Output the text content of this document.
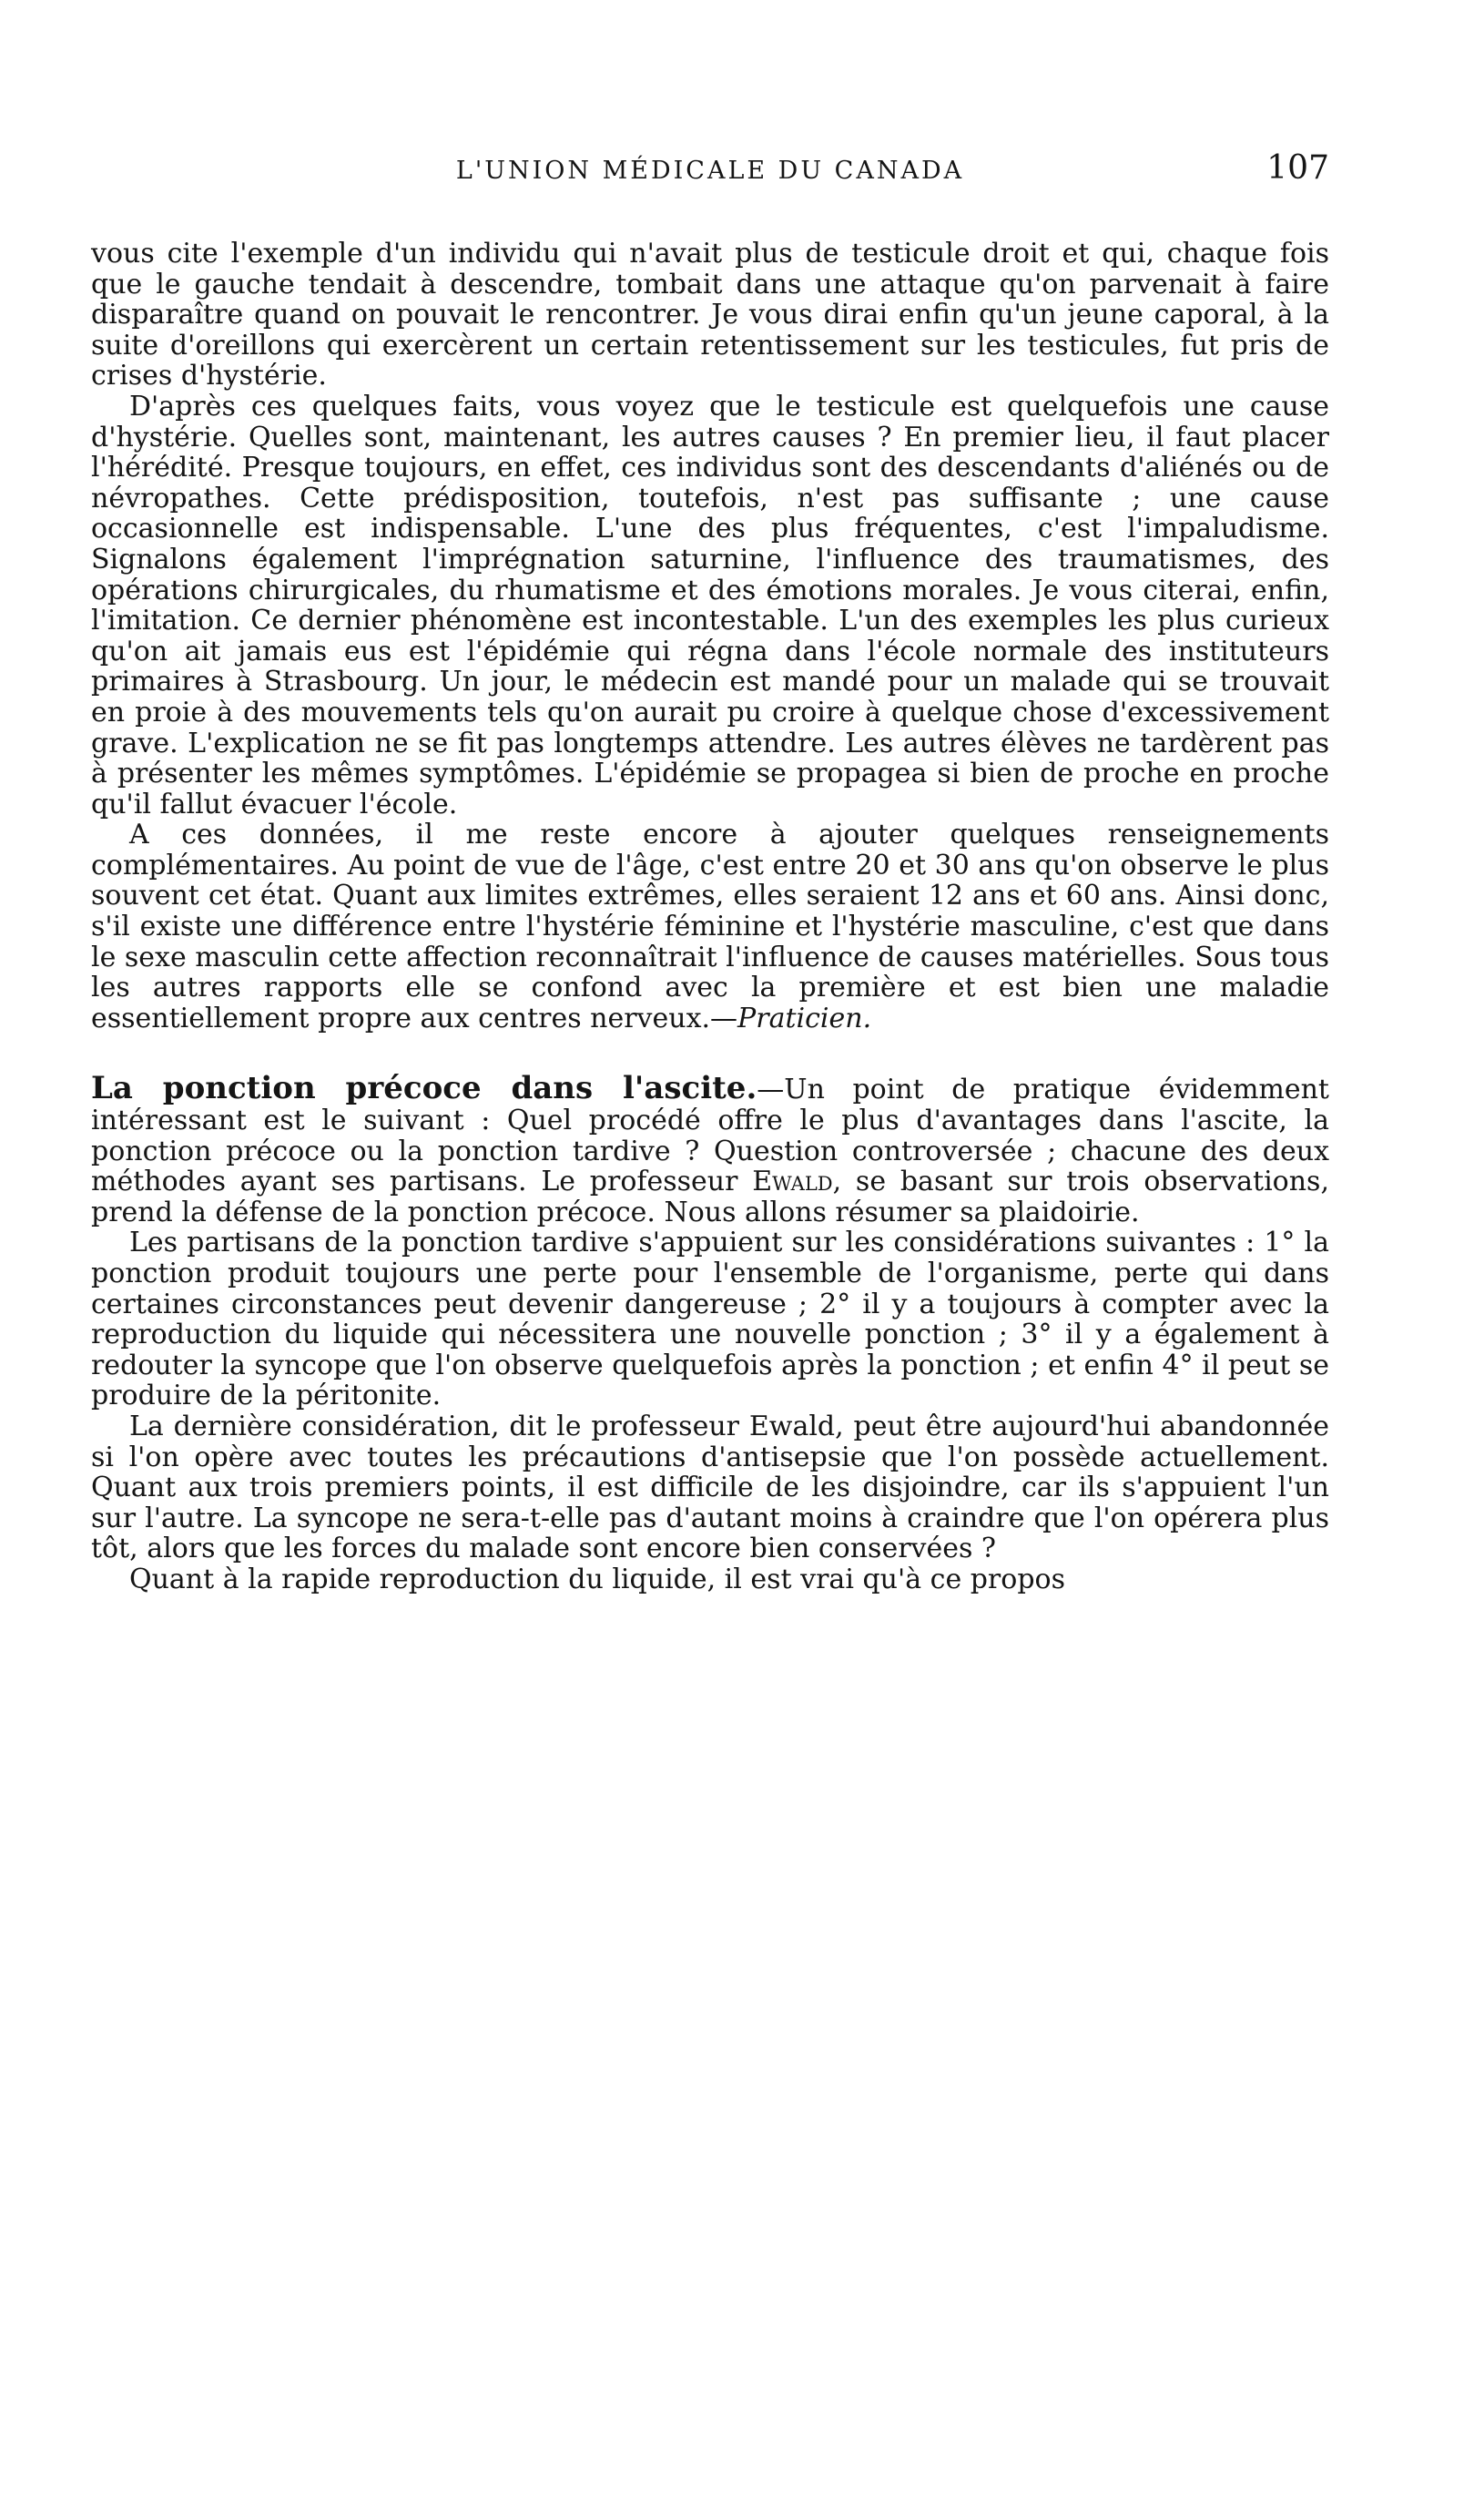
L'UNION MÉDICALE DU CANADA	107

vous cite l'exemple d'un individu qui n'avait plus de testicule droit et qui, chaque fois que le gauche tendait à descendre, tombait dans une attaque qu'on parvenait à faire disparaître quand on pouvait le rencontrer. Je vous dirai enfin qu'un jeune caporal, à la suite d'oreillons qui exercèrent un certain retentissement sur les testicules, fut pris de crises d'hystérie.

D'après ces quelques faits, vous voyez que le testicule est quelquefois une cause d'hystérie. Quelles sont, maintenant, les autres causes ? En premier lieu, il faut placer l'hérédité. Presque toujours, en effet, ces individus sont des descendants d'aliénés ou de névropathes. Cette prédisposition, toutefois, n'est pas suffisante ; une cause occasionnelle est indispensable. L'une des plus fréquentes, c'est l'impaludisme. Signalons également l'imprégnation saturnine, l'influence des traumatismes, des opérations chirurgicales, du rhumatisme et des émotions morales. Je vous citerai, enfin, l'imitation. Ce dernier phénomène est incontestable. L'un des exemples les plus curieux qu'on ait jamais eus est l'épidémie qui régna dans l'école normale des instituteurs primaires à Strasbourg. Un jour, le médecin est mandé pour un malade qui se trouvait en proie à des mouvements tels qu'on aurait pu croire à quelque chose d'excessivement grave. L'explication ne se fit pas longtemps attendre. Les autres élèves ne tardèrent pas à présenter les mêmes symptômes. L'épidémie se propagea si bien de proche en proche qu'il fallut évacuer l'école.

A ces données, il me reste encore à ajouter quelques renseignements complémentaires. Au point de vue de l'âge, c'est entre 20 et 30 ans qu'on observe le plus souvent cet état. Quant aux limites extrêmes, elles seraient 12 ans et 60 ans. Ainsi donc, s'il existe une différence entre l'hystérie féminine et l'hystérie masculine, c'est que dans le sexe masculin cette affection reconnaîtrait l'influence de causes matérielles. Sous tous les autres rapports elle se confond avec la première et est bien une maladie essentiellement propre aux centres nerveux.—Praticien.

La ponction précoce dans l'ascite.—Un point de pratique évidemment intéressant est le suivant : Quel procédé offre le plus d'avantages dans l'ascite, la ponction précoce ou la ponction tardive ? Question controversée ; chacune des deux méthodes ayant ses partisans. Le professeur Ewald, se basant sur trois observations, prend la défense de la ponction précoce. Nous allons résumer sa plaidoirie.

Les partisans de la ponction tardive s'appuient sur les considérations suivantes : 1° la ponction produit toujours une perte pour l'ensemble de l'organisme, perte qui dans certaines circonstances peut devenir dangereuse ; 2° il y a toujours à compter avec la reproduction du liquide qui nécessitera une nouvelle ponction ; 3° il y a également à redouter la syncope que l'on observe quelquefois après la ponction ; et enfin 4° il peut se produire de la péritonite.

La dernière considération, dit le professeur Ewald, peut être aujourd'hui abandonnée si l'on opère avec toutes les précautions d'antisepsie que l'on possède actuellement. Quant aux trois premiers points, il est difficile de les disjoindre, car ils s'appuient l'un sur l'autre. La syncope ne sera-t-elle pas d'autant moins à craindre que l'on opérera plus tôt, alors que les forces du malade sont encore bien conservées ?

Quant à la rapide reproduction du liquide, il est vrai qu'à ce propos
